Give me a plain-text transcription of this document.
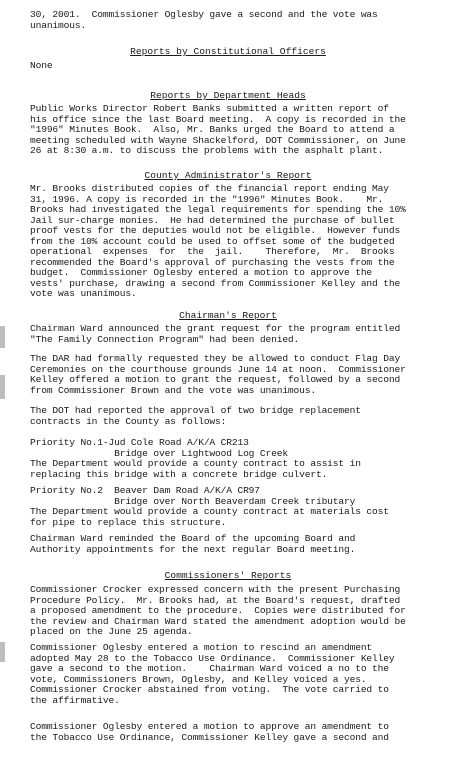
30, 2001.  Commissioner Oglesby gave a second and the vote was
unanimous.
Reports by Constitutional Officers
None
Reports by Department Heads
Public Works Director Robert Banks submitted a written report of
his office since the last Board meeting.  A copy is recorded in the
"1996" Minutes Book.  Also, Mr. Banks urged the Board to attend a
meeting scheduled with Wayne Shackelford, DOT Commissioner, on June
26 at 8:30 a.m. to discuss the problems with the asphalt plant.
County Administrator's Report
Mr. Brooks distributed copies of the financial report ending May
31, 1996. A copy is recorded in the "1996" Minutes Book.    Mr.
Brooks had investigated the legal requirements for spending the 10%
Jail sur-charge monies.  He had determined the purchase of bullet
proof vests for the deputies would not be eligible.  However funds
from the 10% account could be used to offset some of the budgeted
operational  expenses  for  the  jail.    Therefore,  Mr.  Brooks
recommended the Board's approval of purchasing the vests from the
budget.  Commissioner Oglesby entered a motion to approve the
vests' purchase, drawing a second from Commissioner Kelley and the
vote was unanimous.
Chairman's Report
Chairman Ward announced the grant request for the program entitled
"The Family Connection Program" had been denied.
The DAR had formally requested they be allowed to conduct Flag Day
Ceremonies on the courthouse grounds June 14 at noon.  Commissioner
Kelley offered a motion to grant the request, followed by a second
from Commissioner Brown and the vote was unanimous.
The DOT had reported the approval of two bridge replacement
contracts in the County as follows:
Priority No.1-Jud Cole Road A/K/A CR213
Bridge over Lightwood Log Creek
The Department would provide a county contract to assist in
replacing this bridge with a concrete bridge culvert.
Priority No.2  Beaver Dam Road A/K/A CR97
Bridge over North Beaverdam Creek tributary
The Department would provide a county contract at materials cost
for pipe to replace this structure.
Chairman Ward reminded the Board of the upcoming Board and
Authority appointments for the next regular Board meeting.
Commissioners' Reports
Commissioner Crocker expressed concern with the present Purchasing
Procedure Policy.  Mr. Brooks had, at the Board's request, drafted
a proposed amendment to the procedure.  Copies were distributed for
the review and Chairman Ward stated the amendment adoption would be
placed on the June 25 agenda.
Commissioner Oglesby entered a motion to rescind an amendment
adopted May 28 to the Tobacco Use Ordinance.  Commissioner Kelley
gave a second to the motion.    Chairman Ward voiced a no to the
vote, Commissioners Brown, Oglesby, and Kelley voiced a yes.
Commissioner Crocker abstained from voting.  The vote carried to
the affirmative.
Commissioner Oglesby entered a motion to approve an amendment to
the Tobacco Use Ordinance, Commissioner Kelley gave a second and
